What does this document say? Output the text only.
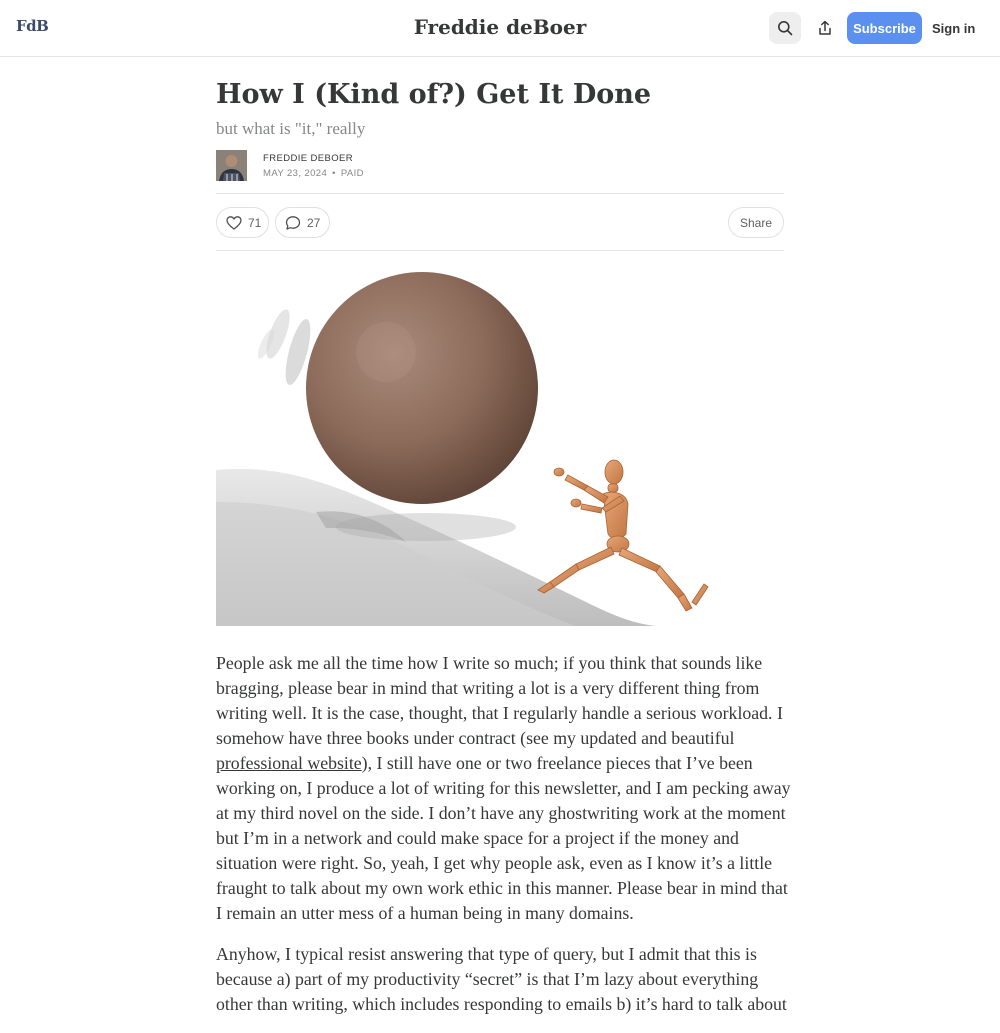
FdB	Freddie deBoer	Subscribe	Sign in
How I (Kind of?) Get It Done
but what is "it," really
FREDDIE DEBOER
MAY 23, 2024 • PAID
71	27	Share

People ask me all the time how I write so much; if you think that sounds like bragging, please bear in mind that writing a lot is a very different thing from writing well. It is the case, thought, that I regularly handle a serious workload. I somehow have three books under contract (see my updated and beautiful professional website), I still have one or two freelance pieces that I’ve been working on, I produce a lot of writing for this newsletter, and I am pecking away at my third novel on the side. I don’t have any ghostwriting work at the moment but I’m in a network and could make space for a project if the money and situation were right. So, yeah, I get why people ask, even as I know it’s a little fraught to talk about my own work ethic in this manner. Please bear in mind that I remain an utter mess of a human being in many domains.

Anyhow, I typical resist answering that type of query, but I admit that this is because a) part of my productivity “secret” is that I’m lazy about everything other than writing, which includes responding to emails b) it’s hard to talk about
